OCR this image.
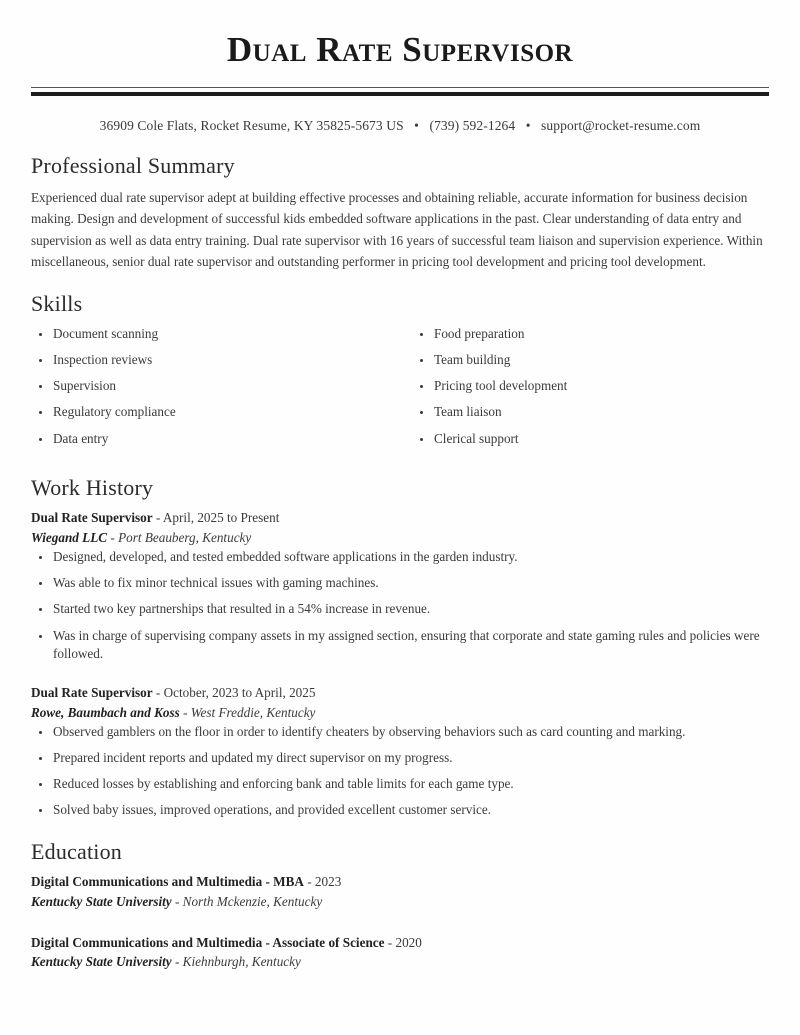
Dual Rate Supervisor
36909 Cole Flats, Rocket Resume, KY 35825-5673 US • (739) 592-1264 • support@rocket-resume.com
Professional Summary

Experienced dual rate supervisor adept at building effective processes and obtaining reliable, accurate information for business decision making. Design and development of successful kids embedded software applications in the past. Clear understanding of data entry and supervision as well as data entry training. Dual rate supervisor with 16 years of successful team liaison and supervision experience. Within miscellaneous, senior dual rate supervisor and outstanding performer in pricing tool development and pricing tool development.

Skills
Document scanning
Inspection reviews
Supervision
Regulatory compliance
Data entry
Food preparation
Team building
Pricing tool development
Team liaison
Clerical support
Work History
Dual Rate Supervisor - April, 2025 to Present
Wiegand LLC - Port Beauberg, Kentucky
Designed, developed, and tested embedded software applications in the garden industry.
Was able to fix minor technical issues with gaming machines.
Started two key partnerships that resulted in a 54% increase in revenue.
Was in charge of supervising company assets in my assigned section, ensuring that corporate and state gaming rules and policies were followed.
Dual Rate Supervisor - October, 2023 to April, 2025
Rowe, Baumbach and Koss - West Freddie, Kentucky
Observed gamblers on the floor in order to identify cheaters by observing behaviors such as card counting and marking.
Prepared incident reports and updated my direct supervisor on my progress.
Reduced losses by establishing and enforcing bank and table limits for each game type.
Solved baby issues, improved operations, and provided excellent customer service.
Education
Digital Communications and Multimedia - MBA - 2023
Kentucky State University - North Mckenzie, Kentucky
Digital Communications and Multimedia - Associate of Science - 2020
Kentucky State University - Kiehnburgh, Kentucky
